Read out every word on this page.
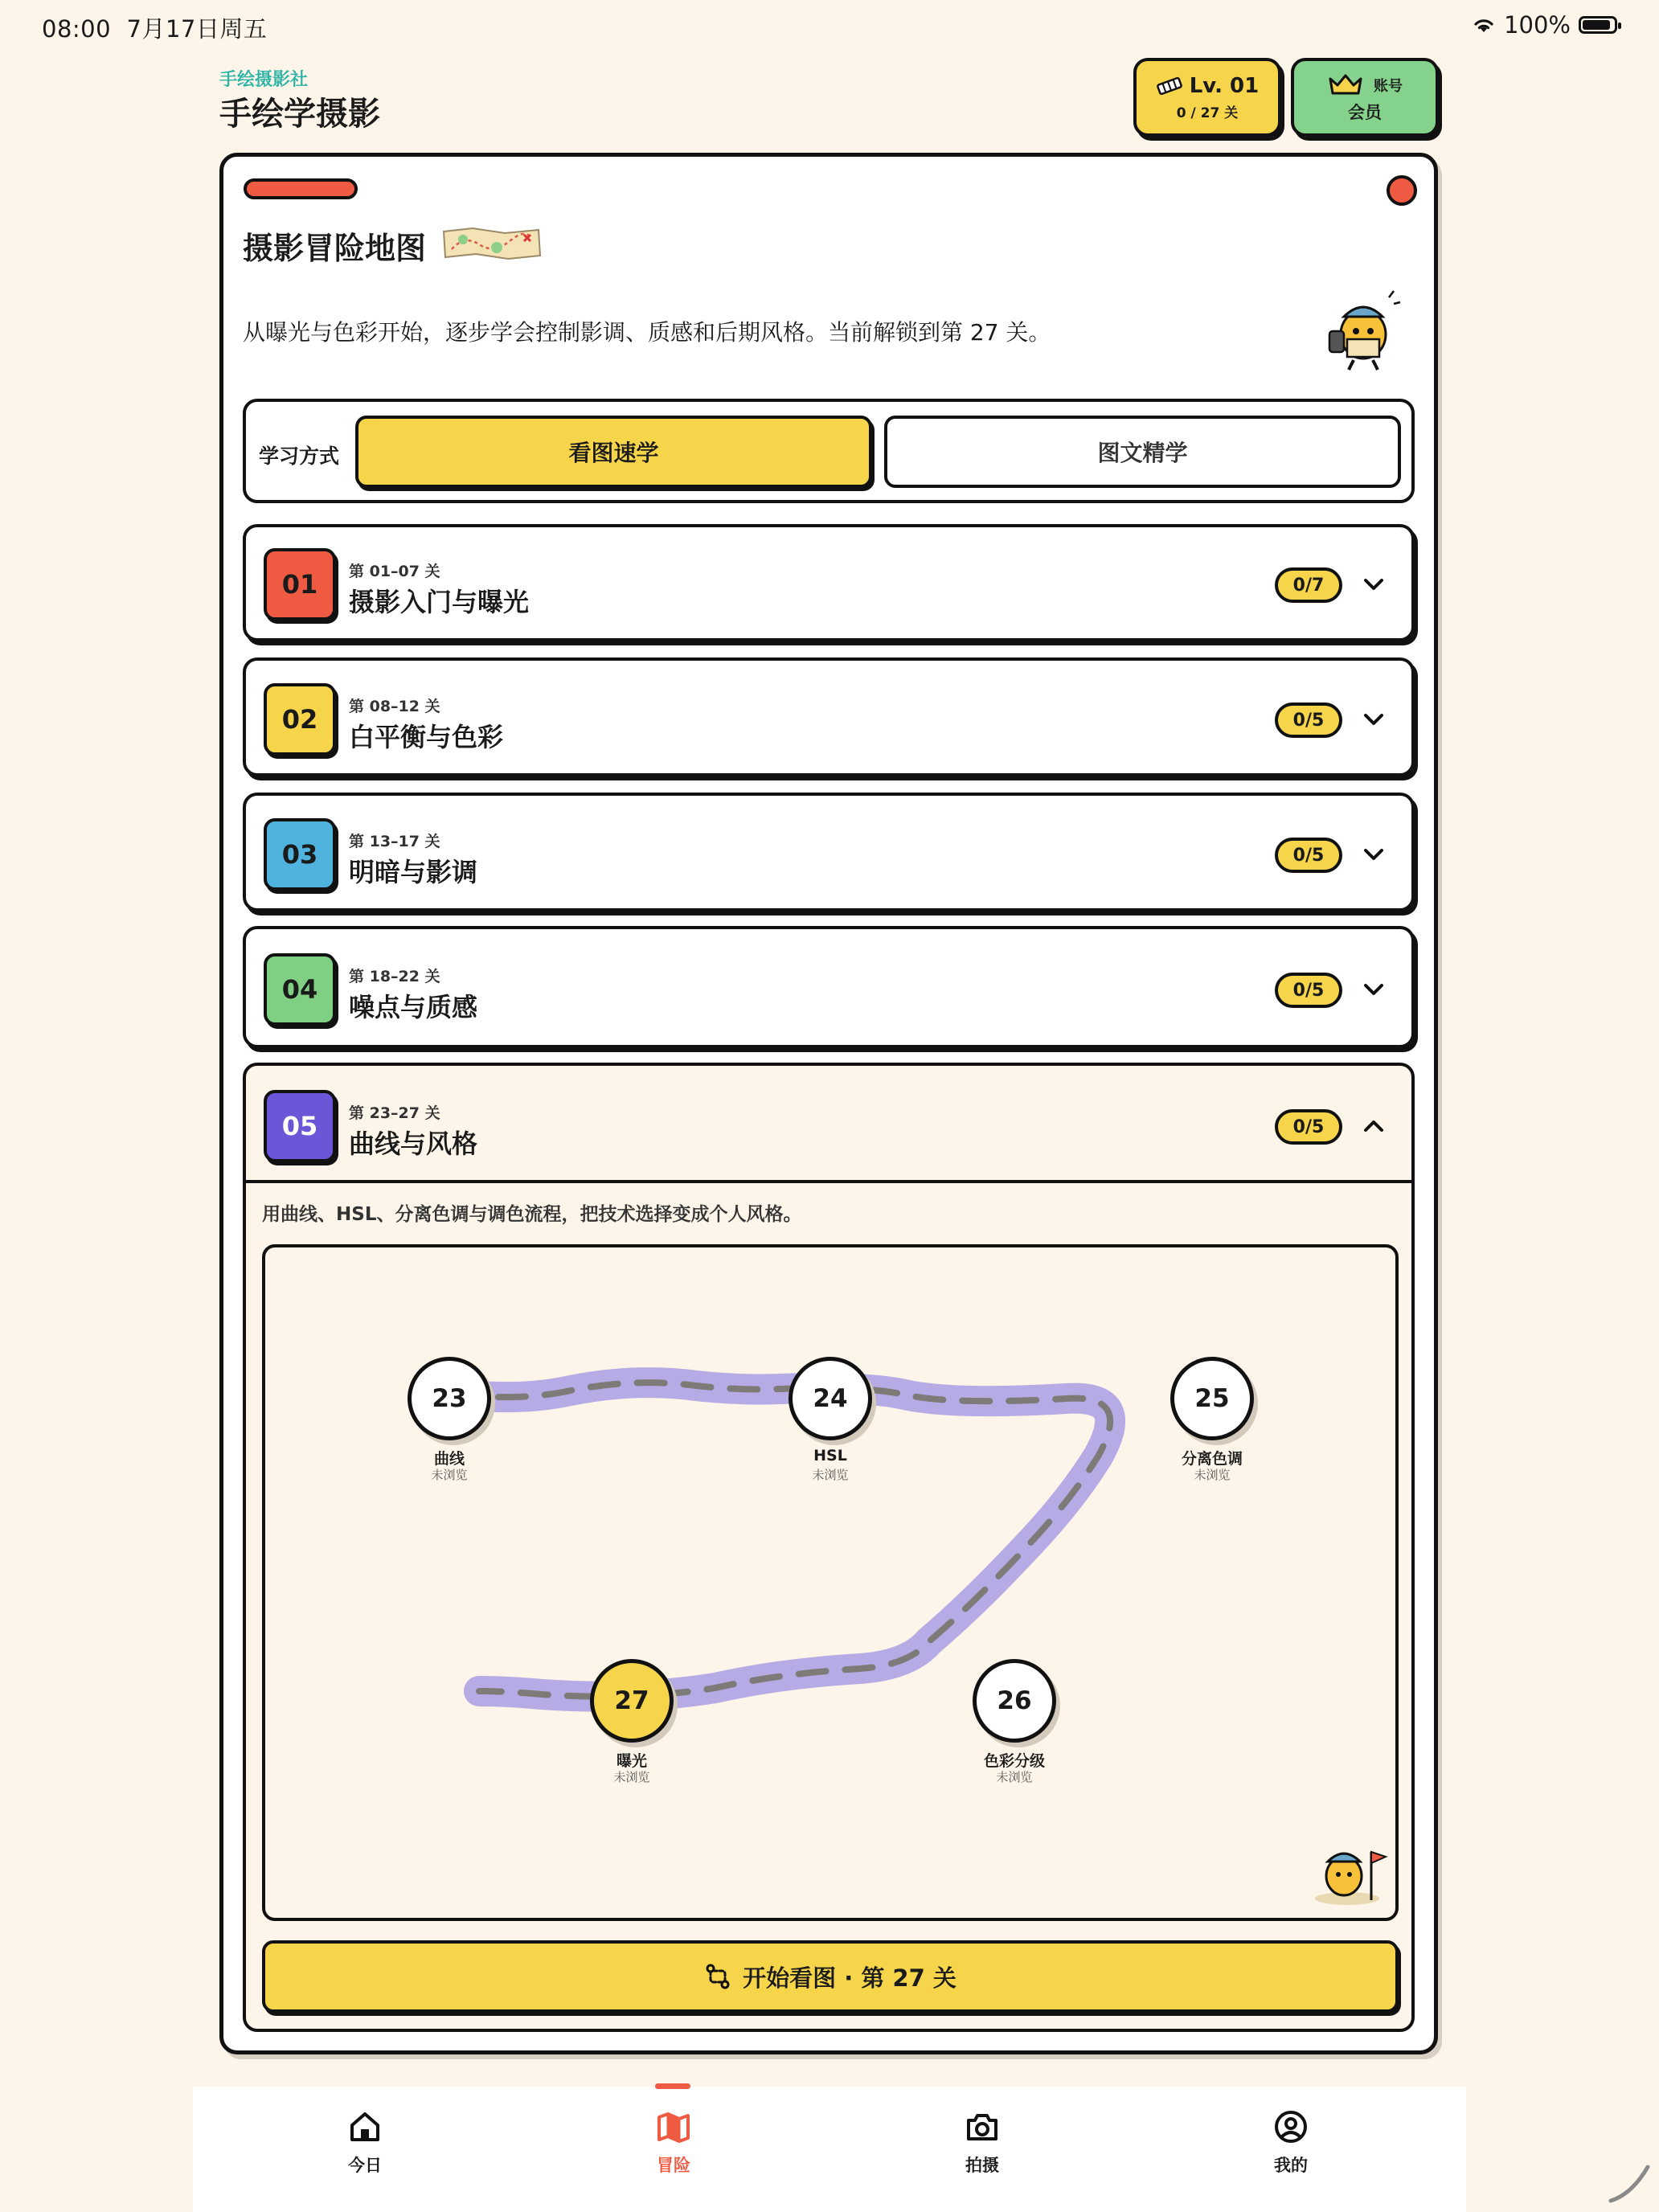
08:00 7月17日周五	100%
手绘摄影社
手绘学摄影
Lv. 01
0 / 27 关
账号
会员
摄影冒险地图
从曝光与色彩开始，逐步学会控制影调、质感和后期风格。当前解锁到第 27 关。
学习方式	看图速学	图文精学
01 第 01–07 关
摄影入门与曝光
0/7
02 第 08–12 关
白平衡与色彩
0/5
03 第 13–17 关
明暗与影调
0/5
04 第 18–22 关
噪点与质感
0/5
05 第 23–27 关
曲线与风格
0/5
用曲线、HSL、分离色调与调色流程，把技术选择变成个人风格。
23
曲线
未浏览
24
HSL
未浏览
25
分离色调
未浏览
26
色彩分级
未浏览
27
曝光
未浏览
开始看图 · 第 27 关
今日	冒险	拍摄	我的
